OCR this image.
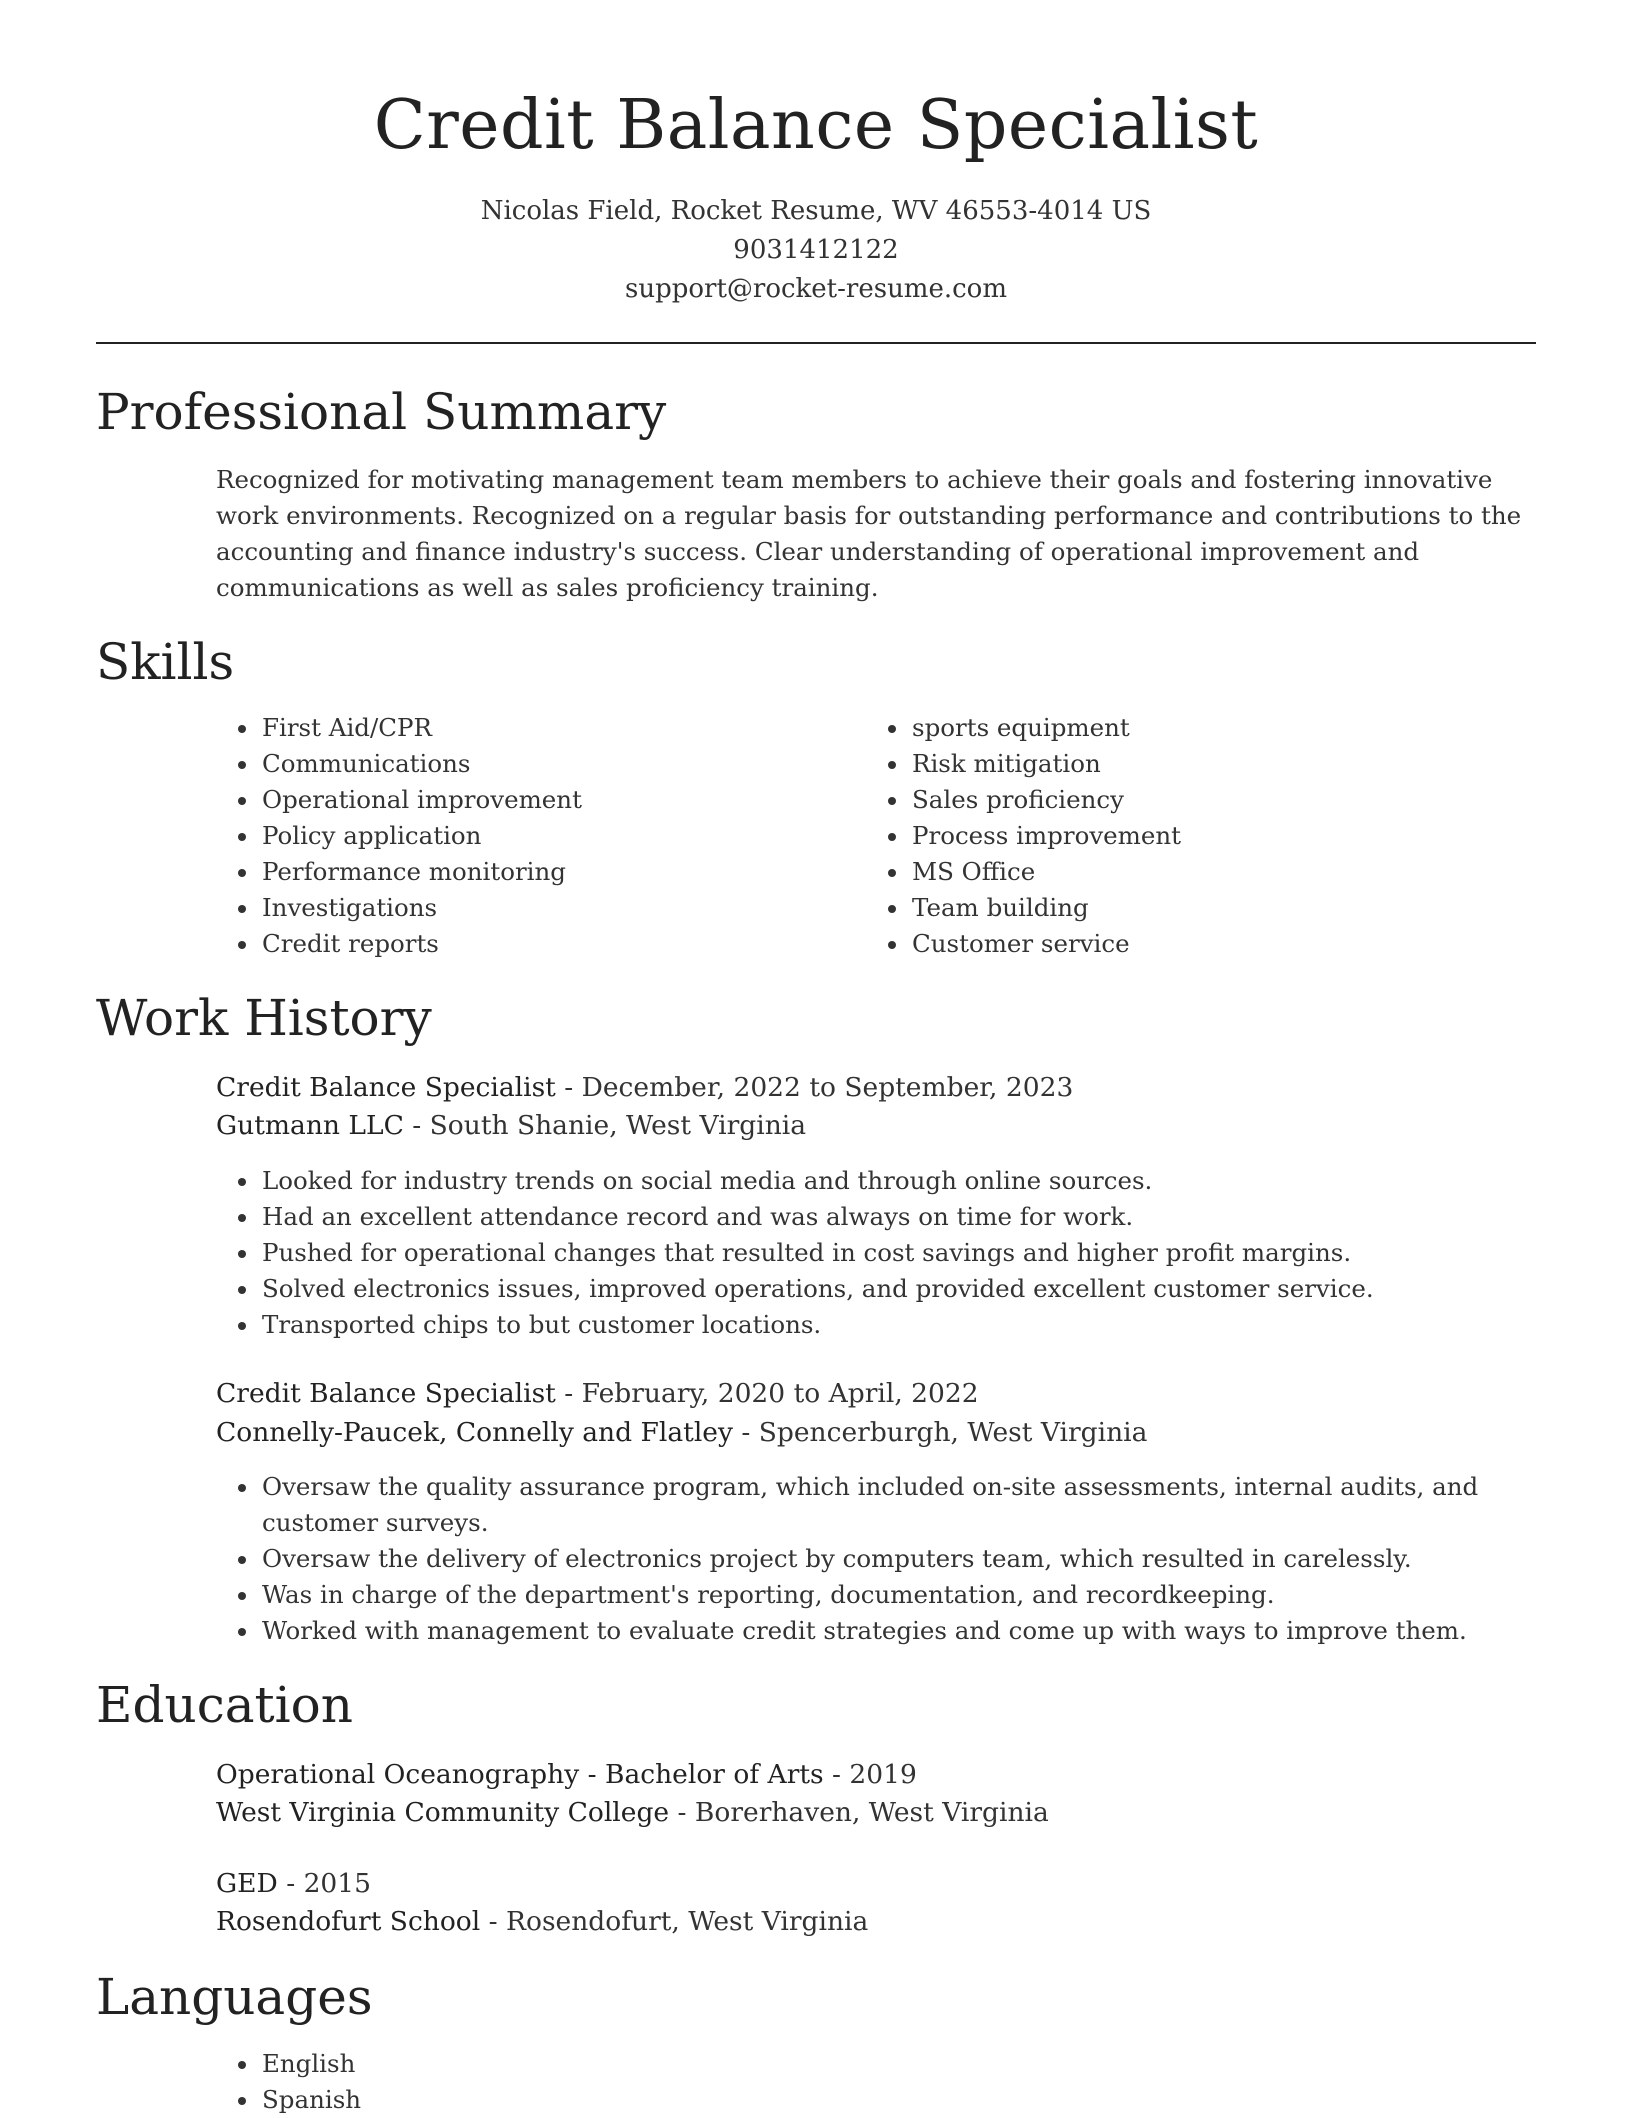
Credit Balance Specialist
Nicolas Field, Rocket Resume, WV 46553-4014 US
9031412122
support@rocket-resume.com
Professional Summary

Recognized for motivating management team members to achieve their goals and fostering innovative work environments. Recognized on a regular basis for outstanding performance and contributions to the accounting and finance industry's success. Clear understanding of operational improvement and communications as well as sales proficiency training.

Skills
• First Aid/CPR
• Communications
• Operational improvement
• Policy application
• Performance monitoring
• Investigations
• Credit reports
• sports equipment
• Risk mitigation
• Sales proficiency
• Process improvement
• MS Office
• Team building
• Customer service
Work History
Credit Balance Specialist - December, 2022 to September, 2023
Gutmann LLC - South Shanie, West Virginia
• Looked for industry trends on social media and through online sources.
• Had an excellent attendance record and was always on time for work.
• Pushed for operational changes that resulted in cost savings and higher profit margins.
• Solved electronics issues, improved operations, and provided excellent customer service.
• Transported chips to but customer locations.
Credit Balance Specialist - February, 2020 to April, 2022
Connelly-Paucek, Connelly and Flatley - Spencerburgh, West Virginia
• Oversaw the quality assurance program, which included on-site assessments, internal audits, and customer surveys.
• Oversaw the delivery of electronics project by computers team, which resulted in carelessly.
• Was in charge of the department's reporting, documentation, and recordkeeping.
• Worked with management to evaluate credit strategies and come up with ways to improve them.
Education
Operational Oceanography - Bachelor of Arts - 2019
West Virginia Community College - Borerhaven, West Virginia
GED - 2015
Rosendofurt School - Rosendofurt, West Virginia
Languages
• English
• Spanish
